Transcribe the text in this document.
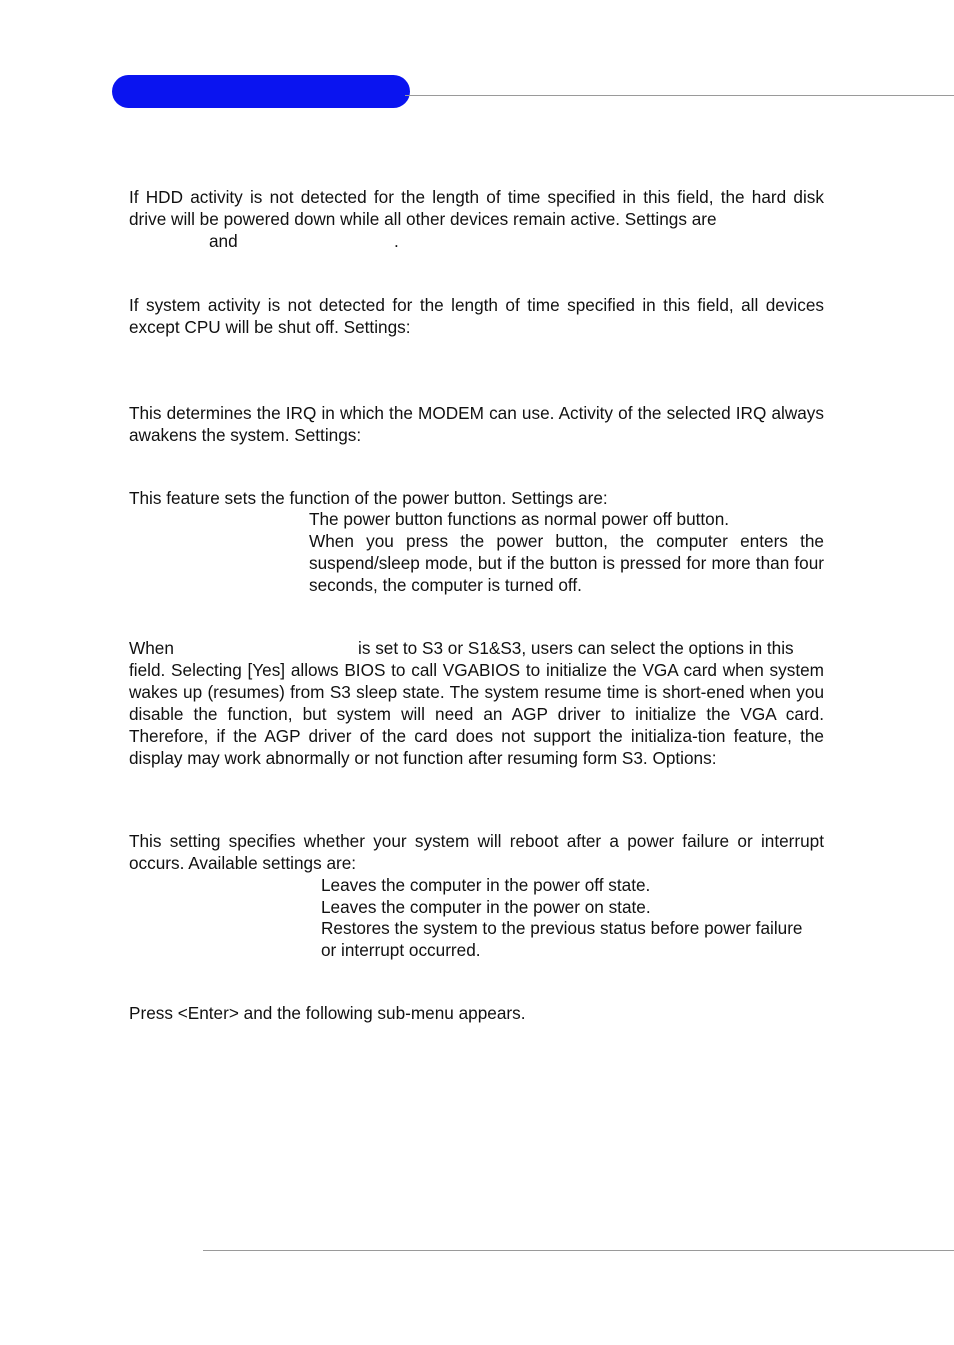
If HDD activity is not detected for the length of time specified in this field, the hard disk drive will be powered down while all other devices remain active. Settings are

and	.

If system activity is not detected for the length of time specified in this field, all devices except CPU will be shut off. Settings:

This determines the IRQ in which the MODEM can use. Activity of the selected IRQ always awakens the system. Settings:

This feature sets the function of the power button. Settings are:

The power button functions as normal power off button.

When you press the power button, the computer enters the suspend/sleep mode, but if the button is pressed for more than four seconds, the computer is turned off.

When	is set to S3 or S1&S3, users can select the options in this

field. Selecting [Yes] allows BIOS to call VGABIOS to initialize the VGA card when system wakes up (resumes) from S3 sleep state. The system resume time is short-ened when you disable the function, but system will need an AGP driver to initialize the VGA card. Therefore, if the AGP driver of the card does not support the initializa-tion feature, the display may work abnormally or not function after resuming form S3. Options:

This setting specifies whether your system will reboot after a power failure or interrupt occurs. Available settings are:

Leaves the computer in the power off state.

Leaves the computer in the power on state.

Restores the system to the previous status before power failure or interrupt occurred.

Press <Enter> and the following sub-menu appears.
